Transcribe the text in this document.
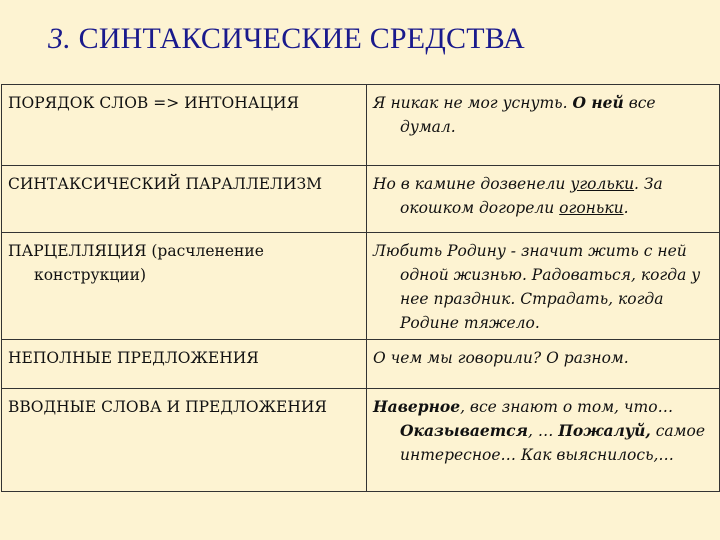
3. СИНТАКСИЧЕСКИЕ СРЕДСТВА
ПОРЯДОК СЛОВ => ИНТОНАЦИЯ	Я никак не мог уснуть. О ней все думал.

СИНТАКСИЧЕСКИЙ ПАРАЛЛЕЛИЗМ	Но в камине дозвенели угольки. За окошком догорели огоньки.

ПАРЦЕЛЛЯЦИЯ (расчленение конструкции)	Любить Родину - значит жить с ней одной жизнью. Радоваться, когда у нее праздник. Страдать, когда Родине тяжело.

НЕПОЛНЫЕ ПРЕДЛОЖЕНИЯ	О чем мы говорили? О разном.

ВВОДНЫЕ СЛОВА И ПРЕДЛОЖЕНИЯ	Наверное, все знают о том, что… Оказывается, … Пожалуй, самое интересное… Как выяснилось,…
